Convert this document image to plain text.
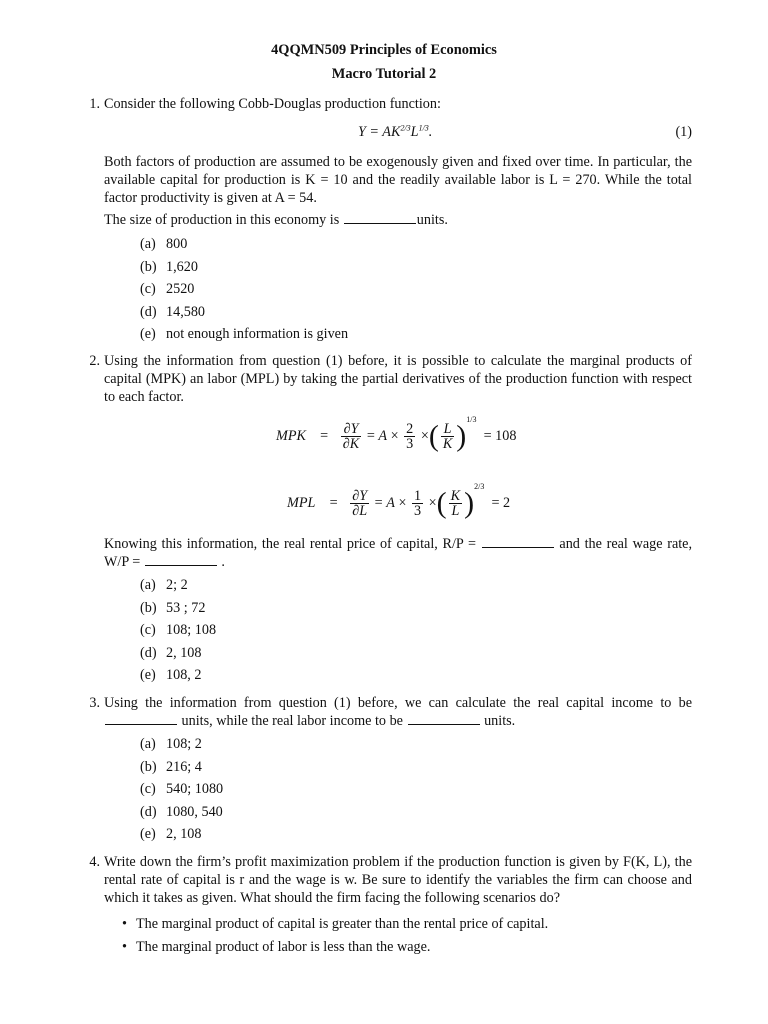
4QQMN509 Principles of Economics
Macro Tutorial 2
1. Consider the following Cobb-Douglas production function:
$Y = AK^{2/3}L^{1/3}$.	(1)
Both factors of production are assumed to be exogenously given and fixed over time. In particular, the available capital for production is K = 10 and the readily available labor is L = 270. While the total factor productivity is given at A = 54.
The size of production in this economy is	units.
(a) 800
(b) 1,620
(c) 2520
(d) 14,580
(e) not enough information is given
2. Using the information from question (1) before, it is possible to calculate the marginal products of capital (MPK) an labor (MPL) by taking the partial derivatives of the production function with respect to each factor.
MPK    = $\frac{\partial Y}{\partial K} = A \times \frac{2}{3}$ ×( $\frac{L}{K} )^{1/3} = 108$
MPL    = $\frac{\partial Y}{\partial L} = A \times \frac{1}{3}$ ×( $\frac{K}{L} )^{2/3} = 2$
Knowing this information, the real rental price of capital, R/P =	and the real wage rate, W/P =	.
(a) 2; 2
(b) 53 ; 72
(c) 108; 108
(d) 2, 108
(e) 108, 2
3. Using the information from question (1) before, we can calculate the real capital income to be  units, while the real labor income to be	units.
(a) 108; 2
(b) 216; 4
(c) 540; 1080
(d) 1080, 540
(e) 2, 108
4. Write down the firm’s profit maximization problem if the production function is given by F(K, L), the rental rate of capital is r and the wage is w. Be sure to identify the variables the firm can choose and which it takes as given. What should the firm facing the following scenarios do?
• The marginal product of capital is greater than the rental price of capital.
• The marginal product of labor is less than the wage.
